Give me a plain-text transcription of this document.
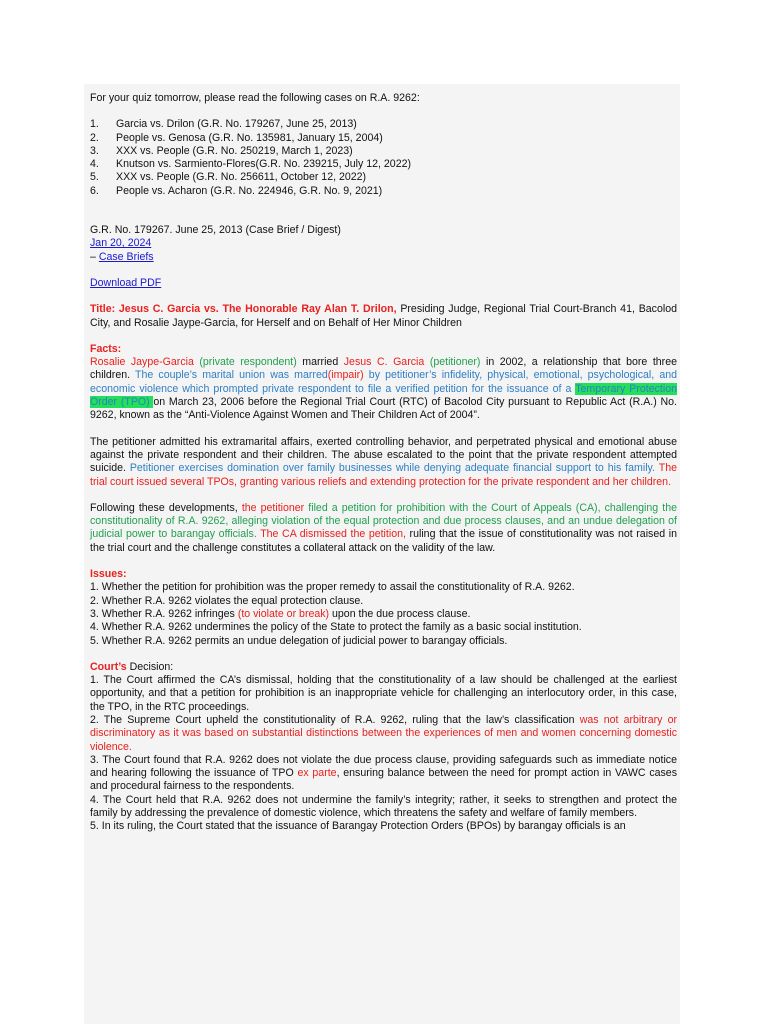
For your quiz tomorrow, please read the following cases on R.A. 9262:

1. Garcia vs. Drilon (G.R. No. 179267, June 25, 2013)
2. People vs. Genosa (G.R. No. 135981, January 15, 2004)
3. XXX vs. People (G.R. No. 250219, March 1, 2023)
4. Knutson vs. Sarmiento-Flores(G.R. No. 239215, July 12, 2022)
5. XXX vs. People (G.R. No. 256611, October 12, 2022)
6. People vs. Acharon (G.R. No. 224946, G.R. No. 9, 2021)

G.R. No. 179267. June 25, 2013 (Case Brief / Digest)

Jan 20, 2024

– Case Briefs

Download PDF

Title: Jesus C. Garcia vs. The Honorable Ray Alan T. Drilon, Presiding Judge, Regional Trial Court-Branch 41, Bacolod City, and Rosalie Jaype-Garcia, for Herself and on Behalf of Her Minor Children

Facts:

Rosalie Jaype-Garcia (private respondent) married Jesus C. Garcia (petitioner) in 2002, a relationship that bore three children. The couple’s marital union was marred(impair) by petitioner’s infidelity, physical, emotional, psychological, and economic violence which prompted private respondent to file a verified petition for the issuance of a Temporary Protection Order (TPO) on March 23, 2006 before the Regional Trial Court (RTC) of Bacolod City pursuant to Republic Act (R.A.) No. 9262, known as the “Anti-Violence Against Women and Their Children Act of 2004”.

The petitioner admitted his extramarital affairs, exerted controlling behavior, and perpetrated physical and emotional abuse against the private respondent and their children. The abuse escalated to the point that the private respondent attempted suicide. Petitioner exercises domination over family businesses while denying adequate financial support to his family. The trial court issued several TPOs, granting various reliefs and extending protection for the private respondent and her children.

Following these developments, the petitioner filed a petition for prohibition with the Court of Appeals (CA), challenging the constitutionality of R.A. 9262, alleging violation of the equal protection and due process clauses, and an undue delegation of judicial power to barangay officials. The CA dismissed the petition, ruling that the issue of constitutionality was not raised in the trial court and the challenge constitutes a collateral attack on the validity of the law.

Issues:

1. Whether the petition for prohibition was the proper remedy to assail the constitutionality of R.A. 9262.

2. Whether R.A. 9262 violates the equal protection clause.

3. Whether R.A. 9262 infringes (to violate or break) upon the due process clause.

4. Whether R.A. 9262 undermines the policy of the State to protect the family as a basic social institution.

5. Whether R.A. 9262 permits an undue delegation of judicial power to barangay officials.

Court’s Decision:

1. The Court affirmed the CA’s dismissal, holding that the constitutionality of a law should be challenged at the earliest opportunity, and that a petition for prohibition is an inappropriate vehicle for challenging an interlocutory order, in this case, the TPO, in the RTC proceedings.

2. The Supreme Court upheld the constitutionality of R.A. 9262, ruling that the law’s classification was not arbitrary or discriminatory as it was based on substantial distinctions between the experiences of men and women concerning domestic violence.

3. The Court found that R.A. 9262 does not violate the due process clause, providing safeguards such as immediate notice and hearing following the issuance of TPO ex parte, ensuring balance between the need for prompt action in VAWC cases and procedural fairness to the respondents.

4. The Court held that R.A. 9262 does not undermine the family’s integrity; rather, it seeks to strengthen and protect the family by addressing the prevalence of domestic violence, which threatens the safety and welfare of family members.

5. In its ruling, the Court stated that the issuance of Barangay Protection Orders (BPOs) by barangay officials is an
